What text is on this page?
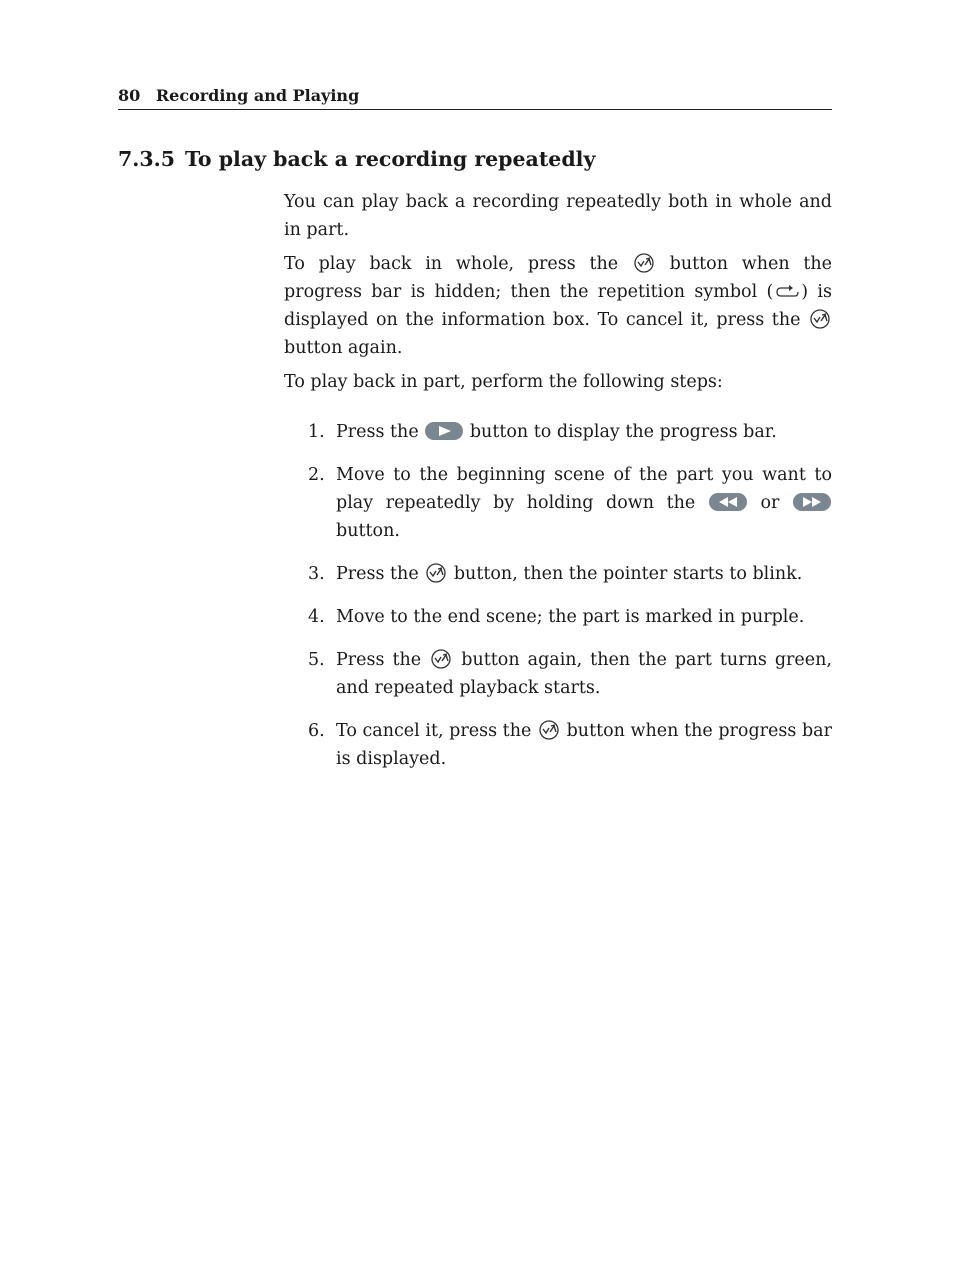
80 Recording and Playing
7.3.5 To play back a recording repeatedly

You can play back a recording repeatedly both in whole and in part.

To play back in whole, press the	button when the progress bar is hidden; then the repetition symbol ( ) is displayed on the information box. To cancel it, press the  button again.

To play back in part, perform the following steps:

1. Press the	button to display the progress bar.
2. Move to the beginning scene of the part you want to play repeatedly by holding down the	or  button.
3. Press the button, then the pointer starts to blink.
4. Move to the end scene; the part is marked in purple.
5. Press the button again, then the part turns green, and repeated playback starts.
6. To cancel it, press the button when the progress bar is displayed.
